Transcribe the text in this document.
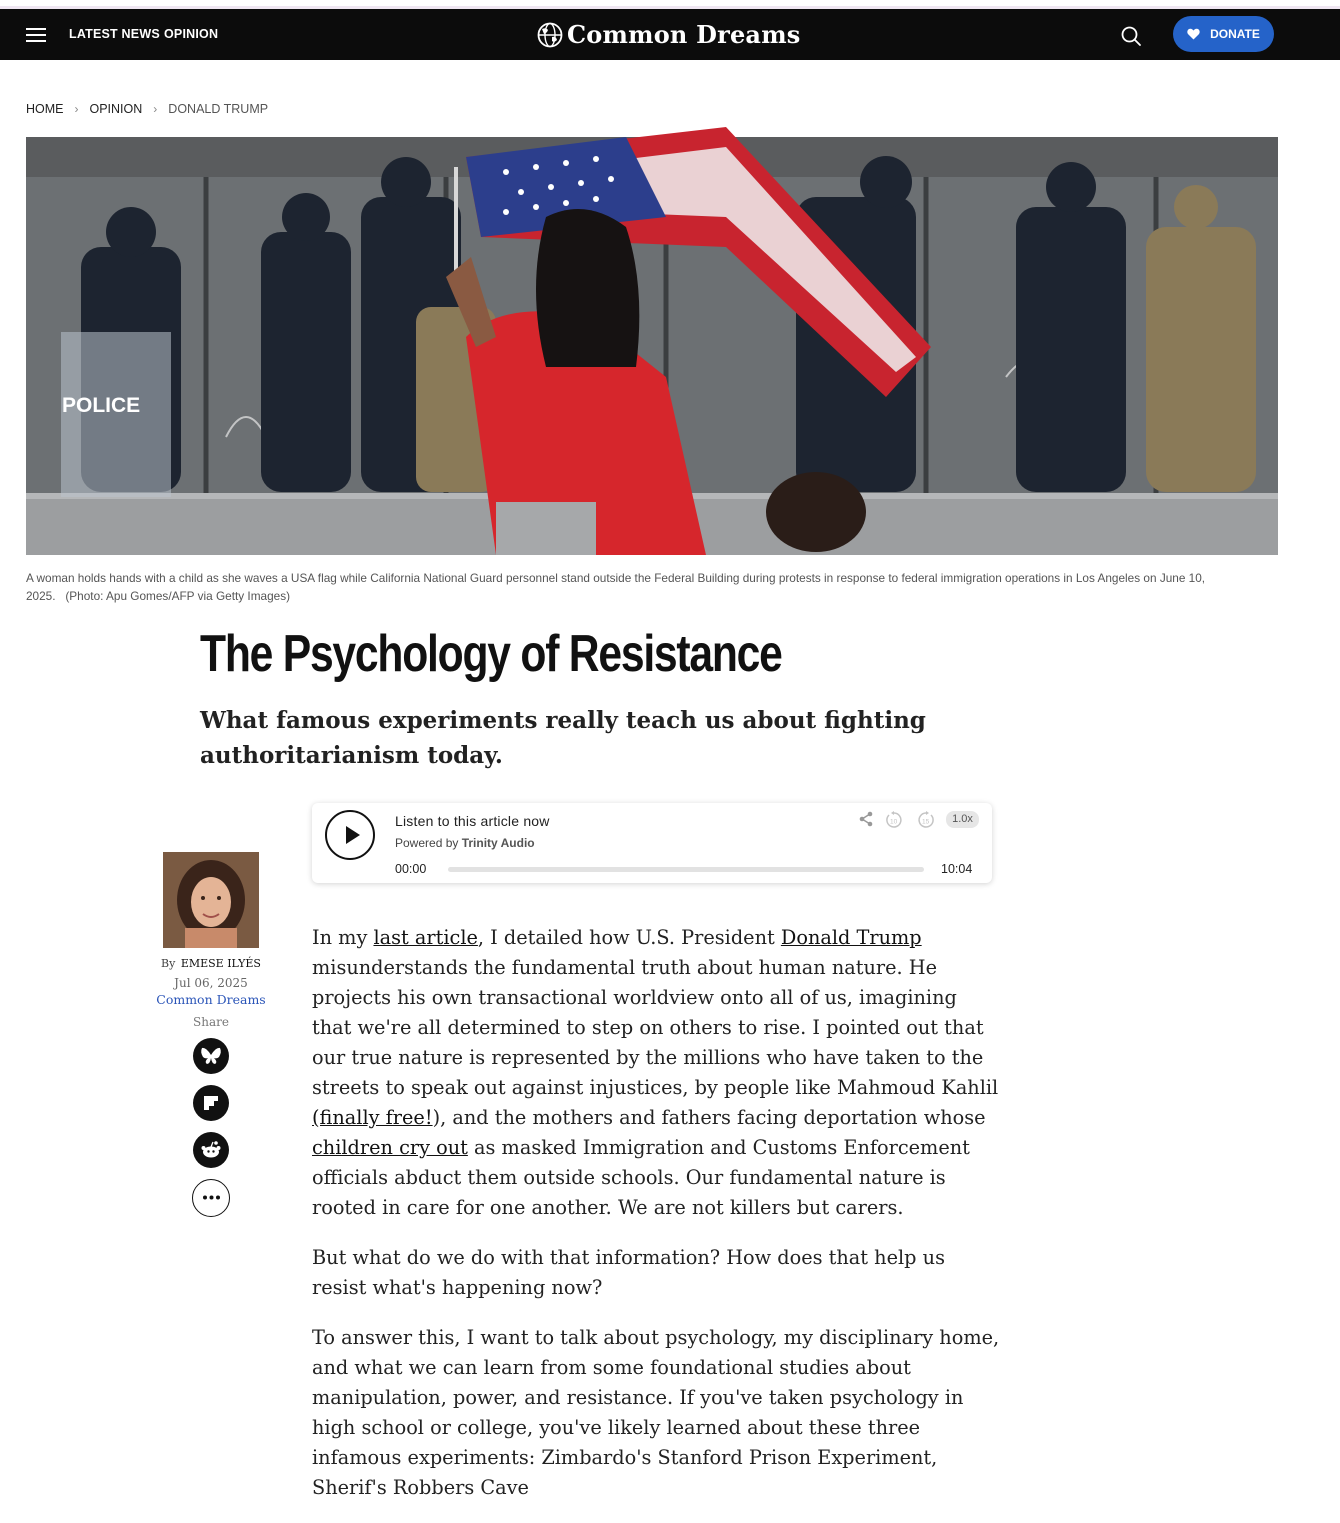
LATEST NEWS OPINION	Common Dreams	DONATE
HOME › OPINION › DONALD TRUMP
POLICE

A woman holds hands with a child as she waves a USA flag while California National Guard personnel stand outside the Federal Building during protests in response to federal immigration operations in Los Angeles on June 10, 2025. (Photo: Apu Gomes/AFP via Getty Images)

The Psychology of Resistance
What famous experiments really teach us about fighting authoritarianism today.
Listen to this article now
Powered by Trinity Audio
10	15	1.0x
00:00	10:04
By EMESE ILYÉS
Jul 06, 2025
Common Dreams
Share

In my last article, I detailed how U.S. President Donald Trump misunderstands the fundamental truth about human nature. He projects his own transactional worldview onto all of us, imagining that we're all determined to step on others to rise. I pointed out that our true nature is represented by the millions who have taken to the streets to speak out against injustices, by people like Mahmoud Kahlil (finally free!), and the mothers and fathers facing deportation whose children cry out as masked Immigration and Customs Enforcement officials abduct them outside schools. Our fundamental nature is rooted in care for one another. We are not killers but carers.

But what do we do with that information? How does that help us resist what's happening now?

To answer this, I want to talk about psychology, my disciplinary home, and what we can learn from some foundational studies about manipulation, power, and resistance. If you've taken psychology in high school or college, you've likely learned about these three infamous experiments: Zimbardo's Stanford Prison Experiment, Sherif's Robbers Cave
